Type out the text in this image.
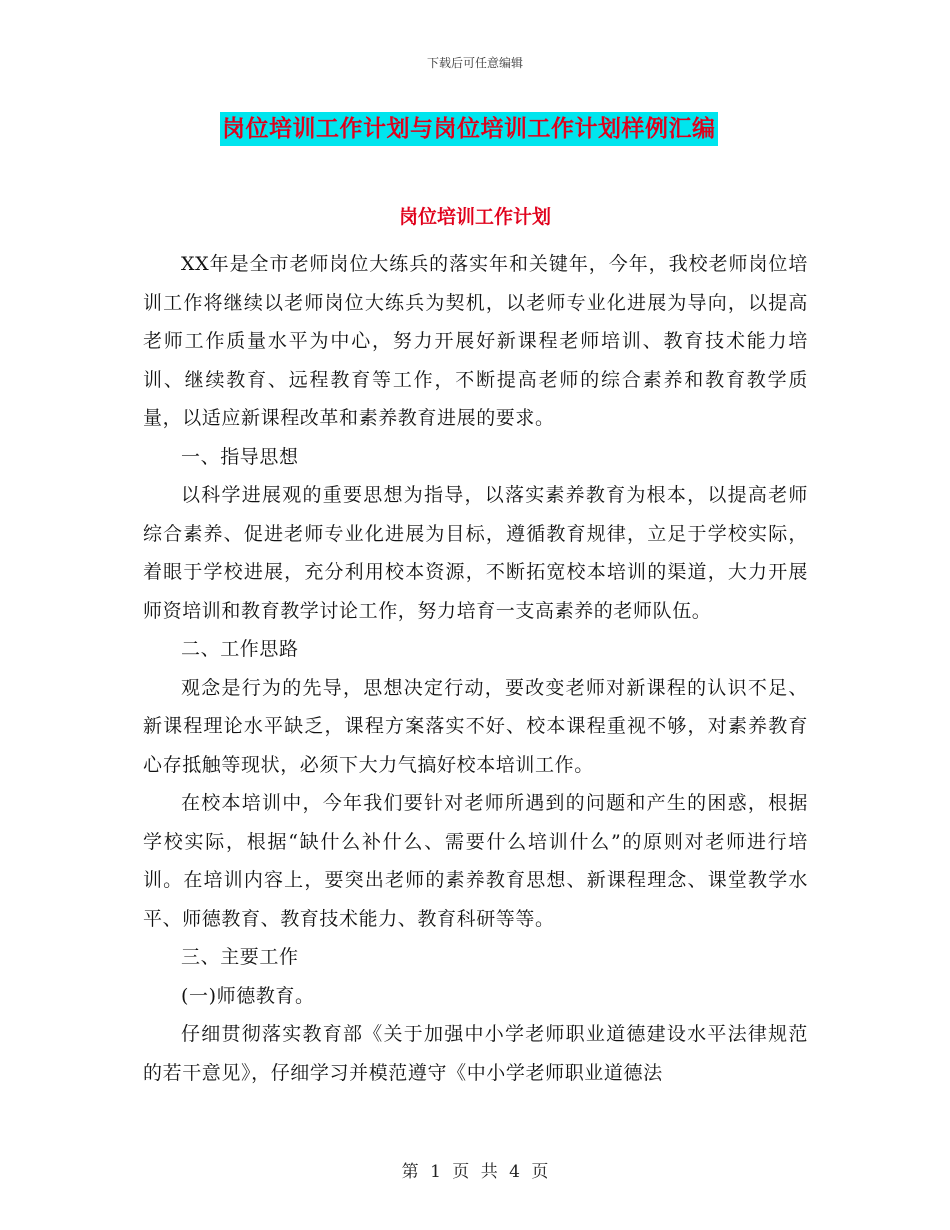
下载后可任意编辑
岗位培训工作计划与岗位培训工作计划样例汇编
岗位培训工作计划

XX年是全市老师岗位大练兵的落实年和关键年，今年，我校老师岗位培训工作将继续以老师岗位大练兵为契机，以老师专业化进展为导向，以提高老师工作质量水平为中心，努力开展好新课程老师培训、教育技术能力培训、继续教育、远程教育等工作，不断提高老师的综合素养和教育教学质量，以适应新课程改革和素养教育进展的要求。

一、指导思想

以科学进展观的重要思想为指导，以落实素养教育为根本，以提高老师综合素养、促进老师专业化进展为目标，遵循教育规律，立足于学校实际，着眼于学校进展，充分利用校本资源，不断拓宽校本培训的渠道，大力开展师资培训和教育教学讨论工作，努力培育一支高素养的老师队伍。

二、工作思路

观念是行为的先导，思想决定行动，要改变老师对新课程的认识不足、新课程理论水平缺乏，课程方案落实不好、校本课程重视不够，对素养教育心存抵触等现状，必须下大力气搞好校本培训工作。

在校本培训中，今年我们要针对老师所遇到的问题和产生的困惑，根据学校实际，根据“缺什么补什么、需要什么培训什么”的原则对老师进行培训。在培训内容上，要突出老师的素养教育思想、新课程理念、课堂教学水平、师德教育、教育技术能力、教育科研等等。

三、主要工作

(一)师德教育。

仔细贯彻落实教育部《关于加强中小学老师职业道德建设水平法律规范的若干意见》，仔细学习并模范遵守《中小学老师职业道德法

第 1 页 共 4 页
